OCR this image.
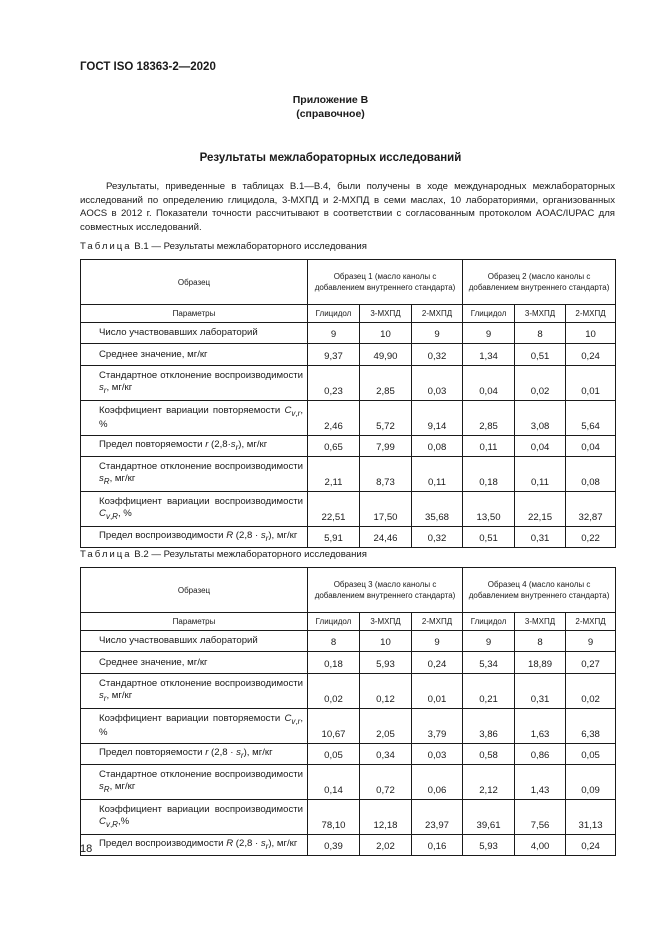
ГОСТ ISO 18363-2—2020
Приложение В
(справочное)
Результаты межлабораторных исследований

Результаты, приведенные в таблицах В.1—В.4, были получены в ходе международных межлабораторных исследований по определению глицидола, 3-МХПД и 2-МХПД в семи маслах, 10 лабораториями, организованных AOCS в 2012 г. Показатели точности рассчитывают в соответствии с согласованным протоколом AOAC/IUPAC для совместных исследований.

Таблица В.1 — Результаты межлабораторного исследования
Образец	Образец 1 (масло канолы с добавлением внутреннего стандарта)			Образец 2 (масло канолы с добавлением внутреннего стандарта)		
Параметры	Глицидол	3-МХПД	2-МХПД	Глицидол	3-МХПД	2-МХПД
Число участвовавших лабораторий	9	10	9	9	8	10
Среднее значение, мг/кг	9,37	49,90	0,32	1,34	0,51	0,24
Стандартное отклонение воспроизводимости $s_r$, мг/кг	0,23	2,85	0,03	0,04	0,02	0,01
Коэффициент вариации повторяемости $C_{v,r}$, %	2,46	5,72	9,14	2,85	3,08	5,64
Предел повторяемости r $(2,8\cdot s_r)$, мг/кг	0,65	7,99	0,08	0,11	0,04	0,04
Стандартное отклонение воспроизводимости $s_R$, мг/кг	2,11	8,73	0,11	0,18	0,11	0,08
Коэффициент вариации воспроизводимости $C_{v,R}$, %	22,51	17,50	35,68	13,50	22,15	32,87
Предел воспроизводимости R $(2,8 \cdot s_r)$, мг/кг	5,91	24,46	0,32	0,51	0,31	0,22
Таблица В.2 — Результаты межлабораторного исследования
Образец	Образец 3 (масло канолы с добавлением внутреннего стандарта)			Образец 4 (масло канолы с добавлением внутреннего стандарта)		
Параметры	Глицидол	3-МХПД	2-МХПД	Глицидол	3-МХПД	2-МХПД
Число участвовавших лабораторий	8	10	9	9	8	9
Среднее значение, мг/кг	0,18	5,93	0,24	5,34	18,89	0,27
Стандартное отклонение воспроизводимости $s_r$, мг/кг	0,02	0,12	0,01	0,21	0,31	0,02
Коэффициент вариации повторяемости $C_{v,r}$, %	10,67	2,05	3,79	3,86	1,63	6,38
Предел повторяемости r $(2,8 \cdot s_r)$, мг/кг	0,05	0,34	0,03	0,58	0,86	0,05
Стандартное отклонение воспроизводимости $s_R$, мг/кг	0,14	0,72	0,06	2,12	1,43	0,09
Коэффициент вариации воспроизводимости $C_{v,R},\%$	78,10	12,18	23,97	39,61	7,56	31,13
Предел воспроизводимости R $(2,8 \cdot s_r)$, мг/кг	0,39	2,02	0,16	5,93	4,00	0,24
18
